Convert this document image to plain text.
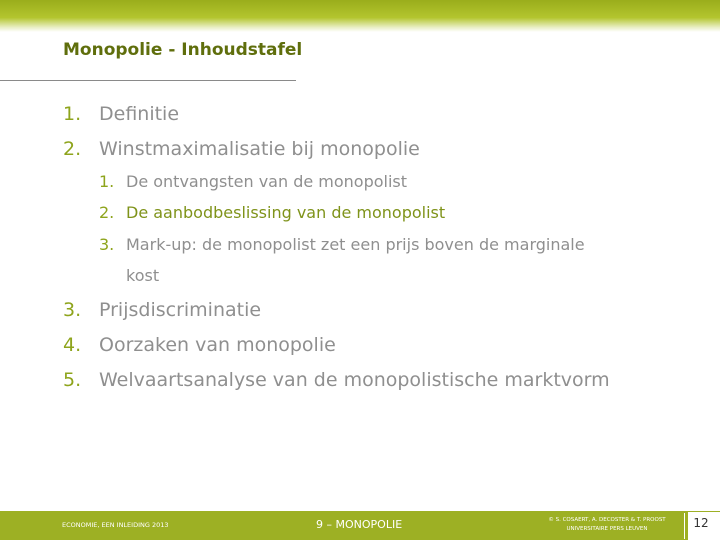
Monopolie - Inhoudstafel
1. Definitie
2. Winstmaximalisatie bij monopolie
1. De ontvangsten van de monopolist
2. De aanbodbeslissing van de monopolist
3. Mark-up: de monopolist zet een prijs boven de marginale
kost
3. Prijsdiscriminatie
4. Oorzaken van monopolie
5. Welvaartsanalyse van de monopolistische marktvorm
ECONOMIE, EEN INLEIDING 2013	9 – MONOPOLIE	© S. COSAERT, A. DECOSTER & T. PROOST
UNIVERSITAIRE PERS LEUVEN	12
